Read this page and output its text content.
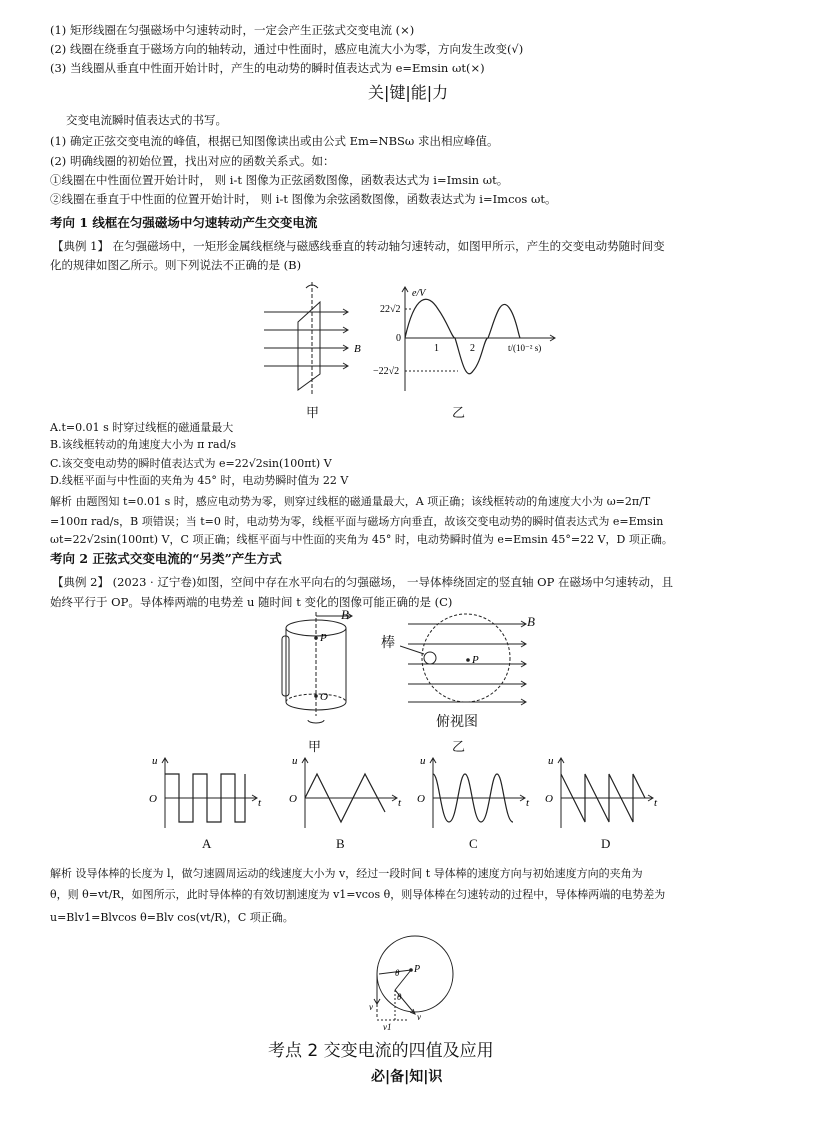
(1) 矩形线圈在匀强磁场中匀速转动时，一定会产生正弦式交变电流 (×)
(2) 线圈在绕垂直于磁场方向的轴转动，通过中性面时，感应电流大小为零，方向发生改变(√)
(3) 当线圈从垂直中性面开始计时，产生的电动势的瞬时值表达式为 e=Emsin ωt(×)
关|键|能|力
交变电流瞬时值表达式的书写。
(1) 确定正弦交变电流的峰值，根据已知图像读出或由公式 Em=NBSω 求出相应峰值。
(2) 明确线圈的初始位置，找出对应的函数关系式。如：
①线圈在中性面位置开始计时， 则 i-t 图像为正弦函数图像，函数表达式为 i=Imsin ωt。
②线圈在垂直于中性面的位置开始计时， 则 i-t 图像为余弦函数图像，函数表达式为 i=Imcos ωt。
考向 1 线框在匀强磁场中匀速转动产生交变电流
【典例 1】 在匀强磁场中，一矩形金属线框绕与磁感线垂直的转动轴匀速转动，如图甲所示，产生的交变电动势随时间变
化的规律如图乙所示。则下列说法不正确的是 (B)
B
甲
22√2
−22√2
0
1	2	t/(10⁻² s)
e/V
乙
A.t=0.01 s 时穿过线框的磁通量最大
B.该线框转动的角速度大小为 π rad/s
C.该交变电动势的瞬时值表达式为 e=22√2sin(100πt) V
D.线框平面与中性面的夹角为 45° 时，电动势瞬时值为 22 V
解析 由题图知 t=0.01 s 时，感应电动势为零，则穿过线框的磁通量最大，A 项正确；该线框转动的角速度大小为 ω=2π/T
=100π rad/s，B 项错误；当 t=0 时，电动势为零，线框平面与磁场方向垂直，故该交变电动势的瞬时值表达式为 e=Emsin
ωt=22√2sin(100πt) V，C 项正确；线框平面与中性面的夹角为 45° 时，电动势瞬时值为 e=Emsin 45°=22 V，D 项正确。
考向 2 正弦式交变电流的“另类”产生方式
【典例 2】 (2023 · 辽宁卷)如图，空间中存在水平向右的匀强磁场， 一导体棒绕固定的竖直轴 OP 在磁场中匀速转动，且
始终平行于 OP。导体棒两端的电势差 u 随时间 t 变化的图像可能正确的是 (C)
P
O
B
甲
P
B
棒
俯视图
乙
u
O	t
u
O	t
u
O	t
u
O	t
A	B	C	D
解析 设导体棒的长度为 l，做匀速圆周运动的线速度大小为 v，经过一段时间 t 导体棒的速度方向与初始速度方向的夹角为
θ，则 θ=vt/R，如图所示，此时导体棒的有效切割速度为 v1=vcos θ，则导体棒在匀速转动的过程中，导体棒两端的电势差为
u=Blv1=Blvcos θ=Blv cos(vt/R)，C 项正确。
P
θ
θ
v
v
v1
考点 2 交变电流的四值及应用
必|备|知|识
